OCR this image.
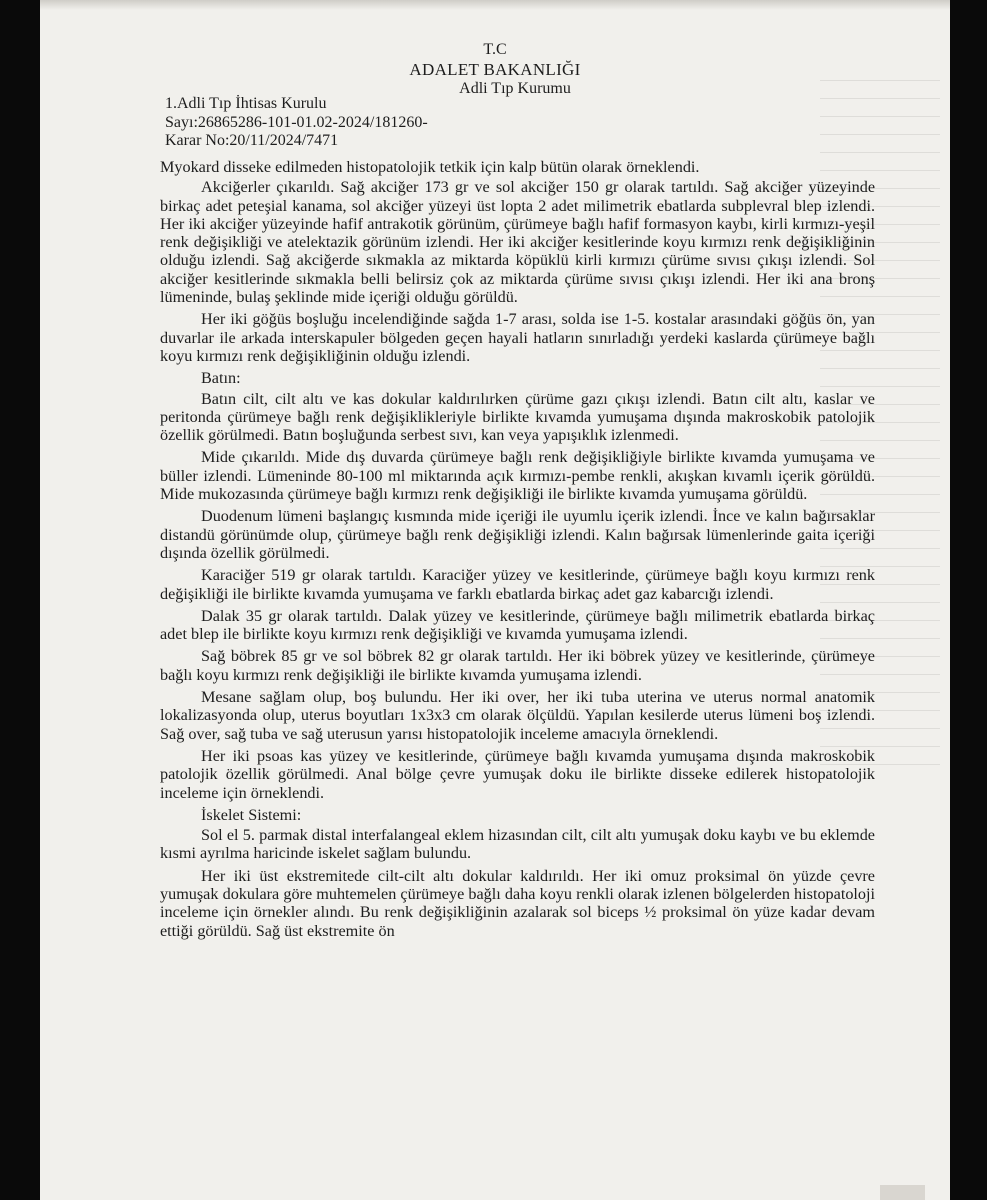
T.C
ADALET BAKANLIĞI
Adli Tıp Kurumu
1.Adli Tıp İhtisas Kurulu
Sayı:26865286-101-01.02-2024/181260-
Karar No:20/11/2024/7471

Myokard disseke edilmeden histopatolojik tetkik için kalp bütün olarak örneklendi.

Akciğerler çıkarıldı. Sağ akciğer 173 gr ve sol akciğer 150 gr olarak tartıldı. Sağ akciğer yüzeyinde birkaç adet peteşial kanama, sol akciğer yüzeyi üst lopta 2 adet milimetrik ebatlarda subplevral blep izlendi. Her iki akciğer yüzeyinde hafif antrakotik görünüm, çürümeye bağlı hafif formasyon kaybı, kirli kırmızı-yeşil renk değişikliği ve atelektazik görünüm izlendi. Her iki akciğer kesitlerinde koyu kırmızı renk değişikliğinin olduğu izlendi. Sağ akciğerde sıkmakla az miktarda köpüklü kirli kırmızı çürüme sıvısı çıkışı izlendi. Sol akciğer kesitlerinde sıkmakla belli belirsiz çok az miktarda çürüme sıvısı çıkışı izlendi. Her iki ana bronş lümeninde, bulaş şeklinde mide içeriği olduğu görüldü.

Her iki göğüs boşluğu incelendiğinde sağda 1-7 arası, solda ise 1-5. kostalar arasındaki göğüs ön, yan duvarlar ile arkada interskapuler bölgeden geçen hayali hatların sınırladığı yerdeki kaslarda çürümeye bağlı koyu kırmızı renk değişikliğinin olduğu izlendi.

Batın:

Batın cilt, cilt altı ve kas dokular kaldırılırken çürüme gazı çıkışı izlendi. Batın cilt altı, kaslar ve peritonda çürümeye bağlı renk değişiklikleriyle birlikte kıvamda yumuşama dışında makroskobik patolojik özellik görülmedi. Batın boşluğunda serbest sıvı, kan veya yapışıklık izlenmedi.

Mide çıkarıldı. Mide dış duvarda çürümeye bağlı renk değişikliğiyle birlikte kıvamda yumuşama ve büller izlendi. Lümeninde 80-100 ml miktarında açık kırmızı-pembe renkli, akışkan kıvamlı içerik görüldü. Mide mukozasında çürümeye bağlı kırmızı renk değişikliği ile birlikte kıvamda yumuşama görüldü.

Duodenum lümeni başlangıç kısmında mide içeriği ile uyumlu içerik izlendi. İnce ve kalın bağırsaklar distandü görünümde olup, çürümeye bağlı renk değişikliği izlendi. Kalın bağırsak lümenlerinde gaita içeriği dışında özellik görülmedi.

Karaciğer 519 gr olarak tartıldı. Karaciğer yüzey ve kesitlerinde, çürümeye bağlı koyu kırmızı renk değişikliği ile birlikte kıvamda yumuşama ve farklı ebatlarda birkaç adet gaz kabarcığı izlendi.

Dalak 35 gr olarak tartıldı. Dalak yüzey ve kesitlerinde, çürümeye bağlı milimetrik ebatlarda birkaç adet blep ile birlikte koyu kırmızı renk değişikliği ve kıvamda yumuşama izlendi.

Sağ böbrek 85 gr ve sol böbrek 82 gr olarak tartıldı. Her iki böbrek yüzey ve kesitlerinde, çürümeye bağlı koyu kırmızı renk değişikliği ile birlikte kıvamda yumuşama izlendi.

Mesane sağlam olup, boş bulundu. Her iki over, her iki tuba uterina ve uterus normal anatomik lokalizasyonda olup, uterus boyutları 1x3x3 cm olarak ölçüldü. Yapılan kesilerde uterus lümeni boş izlendi. Sağ over, sağ tuba ve sağ uterusun yarısı histopatolojik inceleme amacıyla örneklendi.

Her iki psoas kas yüzey ve kesitlerinde, çürümeye bağlı kıvamda yumuşama dışında makroskobik patolojik özellik görülmedi. Anal bölge çevre yumuşak doku ile birlikte disseke edilerek histopatolojik inceleme için örneklendi.

İskelet Sistemi:

Sol el 5. parmak distal interfalangeal eklem hizasından cilt, cilt altı yumuşak doku kaybı ve bu eklemde kısmi ayrılma haricinde iskelet sağlam bulundu.

Her iki üst ekstremitede cilt-cilt altı dokular kaldırıldı. Her iki omuz proksimal ön yüzde çevre yumuşak dokulara göre muhtemelen çürümeye bağlı daha koyu renkli olarak izlenen bölgelerden histopatoloji inceleme için örnekler alındı. Bu renk değişikliğinin azalarak sol biceps ½ proksimal ön yüze kadar devam ettiği görüldü. Sağ üst ekstremite ön
